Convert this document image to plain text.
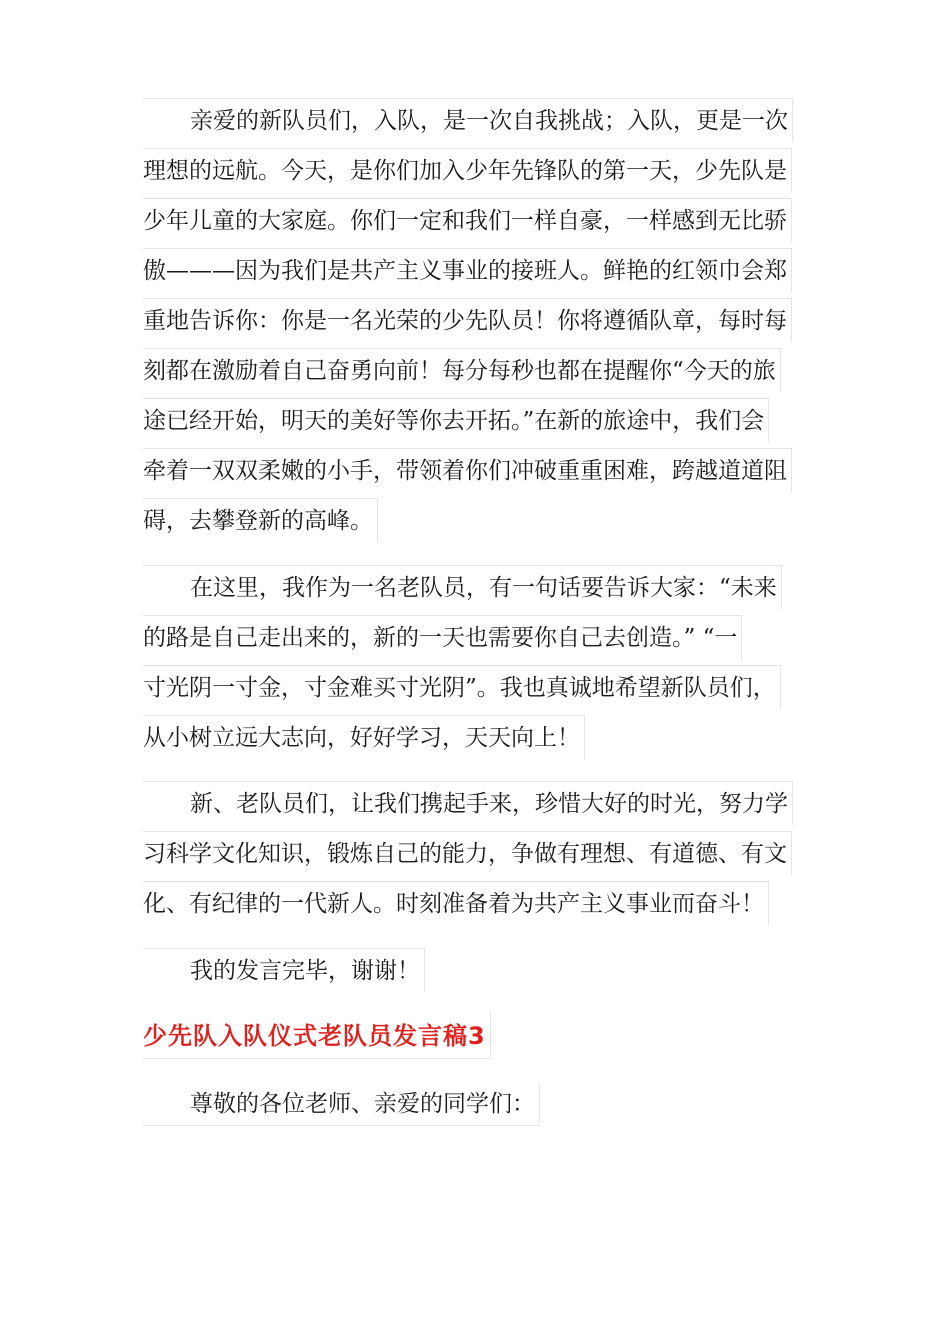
亲爱的新队员们，入队，是一次自我挑战；入队，更是一次
理想的远航。今天，是你们加入少年先锋队的第一天，少先队是
少年儿童的大家庭。你们一定和我们一样自豪，一样感到无比骄
傲———因为我们是共产主义事业的接班人。鲜艳的红领巾会郑
重地告诉你：你是一名光荣的少先队员！你将遵循队章，每时每
刻都在激励着自己奋勇向前！每分每秒也都在提醒你“今天的旅
途已经开始，明天的美好等你去开拓。”在新的旅途中，我们会
牵着一双双柔嫩的小手，带领着你们冲破重重困难，跨越道道阻
碍，去攀登新的高峰。
在这里，我作为一名老队员，有一句话要告诉大家：“未来
的路是自己走出来的，新的一天也需要你自己去创造。” “一
寸光阴一寸金，寸金难买寸光阴”。我也真诚地希望新队员们，
从小树立远大志向，好好学习，天天向上！
新、老队员们，让我们携起手来，珍惜大好的时光，努力学
习科学文化知识，锻炼自己的能力，争做有理想、有道德、有文
化、有纪律的一代新人。时刻准备着为共产主义事业而奋斗！
我的发言完毕，谢谢！
少先队入队仪式老队员发言稿3
尊敬的各位老师、亲爱的同学们：
